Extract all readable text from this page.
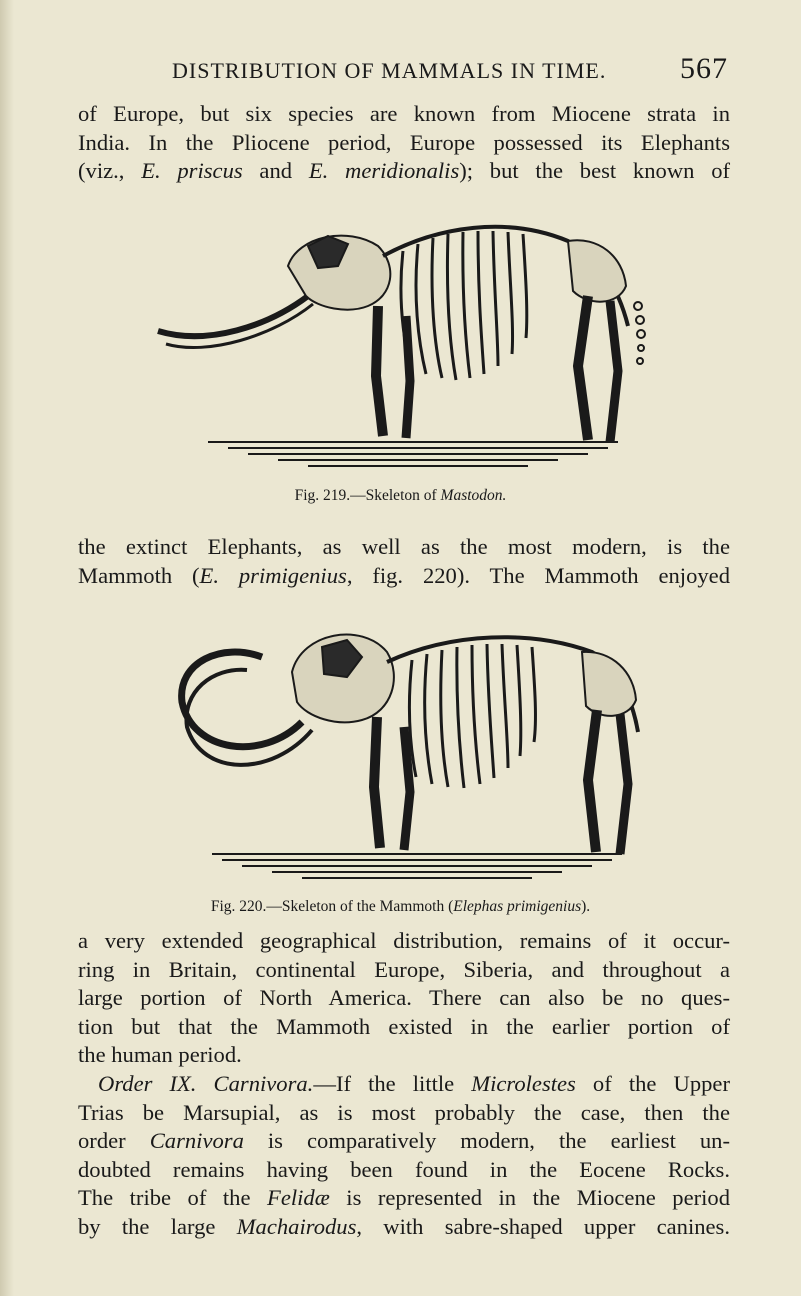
DISTRIBUTION OF MAMMALS IN TIME. 567
of Europe, but six species are known from Miocene strata in
India. In the Pliocene period, Europe possessed its Elephants
(viz., E. priscus and E. meridionalis); but the best known of
Fig. 219.—Skeleton of Mastodon.
the extinct Elephants, as well as the most modern, is the
Mammoth (E. primigenius, fig. 220). The Mammoth enjoyed
Fig. 220.—Skeleton of the Mammoth (Elephas primigenius).
a very extended geographical distribution, remains of it occur-
ring in Britain, continental Europe, Siberia, and throughout a
large portion of North America. There can also be no ques-
tion but that the Mammoth existed in the earlier portion of
the human period.
Order IX. Carnivora.—If the little Microlestes of the Upper
Trias be Marsupial, as is most probably the case, then the
order Carnivora is comparatively modern, the earliest un-
doubted remains having been found in the Eocene Rocks.
The tribe of the Felidæ is represented in the Miocene period
by the large Machairodus, with sabre-shaped upper canines.
